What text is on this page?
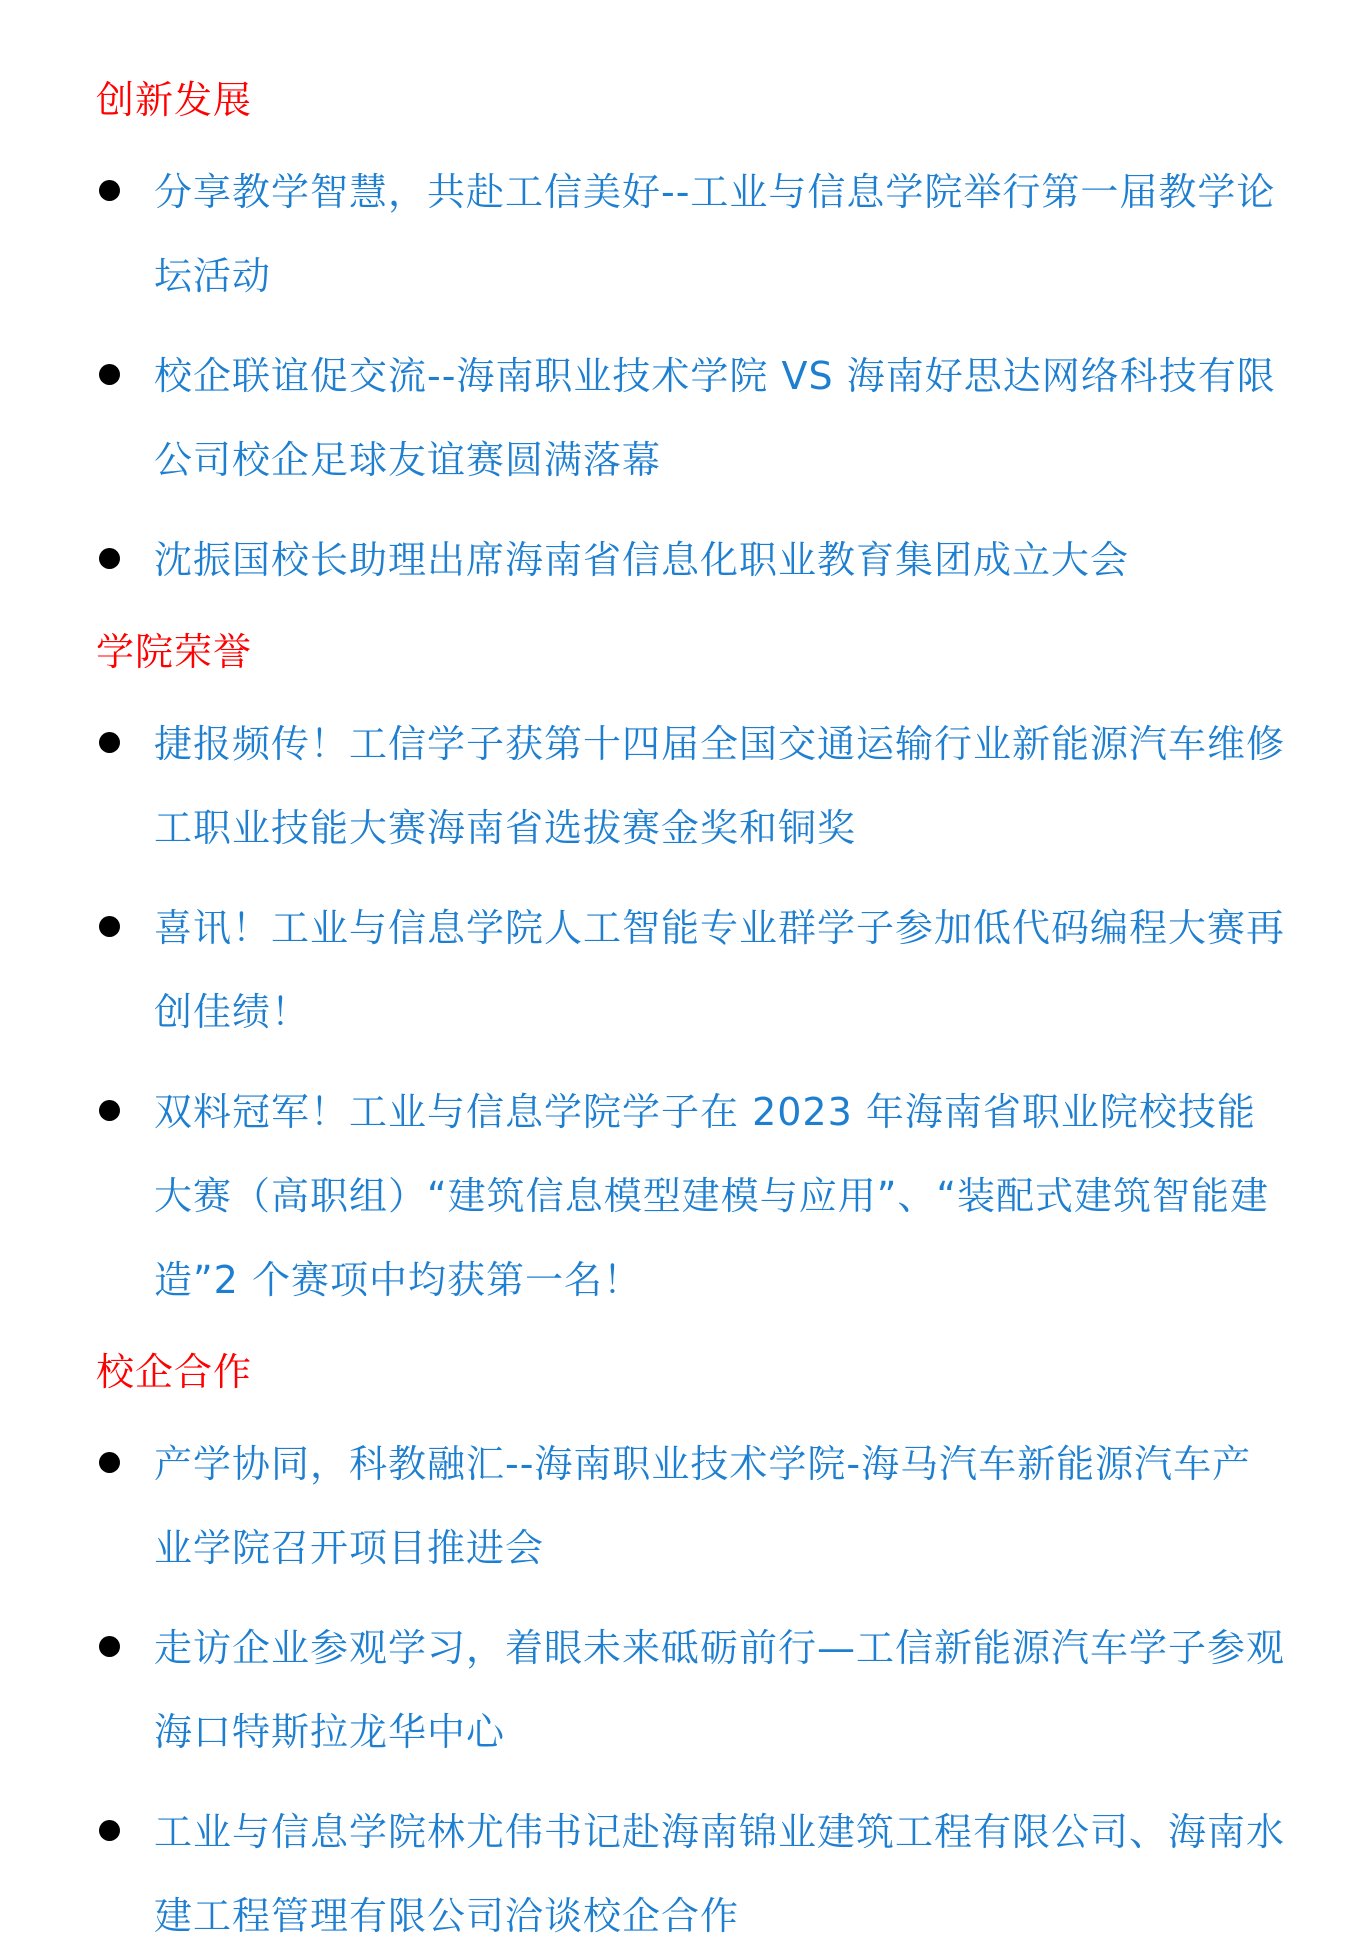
创新发展
分享教学智慧，共赴工信美好--工业与信息学院举行第一届教学论坛活动
校企联谊促交流--海南职业技术学院 VS 海南好思达网络科技有限公司校企足球友谊赛圆满落幕
沈振国校长助理出席海南省信息化职业教育集团成立大会
学院荣誉
捷报频传！工信学子获第十四届全国交通运输行业新能源汽车维修工职业技能大赛海南省选拔赛金奖和铜奖
喜讯！工业与信息学院人工智能专业群学子参加低代码编程大赛再创佳绩！
双料冠军！工业与信息学院学子在 2023 年海南省职业院校技能大赛（高职组）“建筑信息模型建模与应用”、“装配式建筑智能建造”2 个赛项中均获第一名！
校企合作
产学协同，科教融汇--海南职业技术学院-海马汽车新能源汽车产业学院召开项目推进会
走访企业参观学习，着眼未来砥砺前行—工信新能源汽车学子参观海口特斯拉龙华中心
工业与信息学院林尤伟书记赴海南锦业建筑工程有限公司、海南水建工程管理有限公司洽谈校企合作
